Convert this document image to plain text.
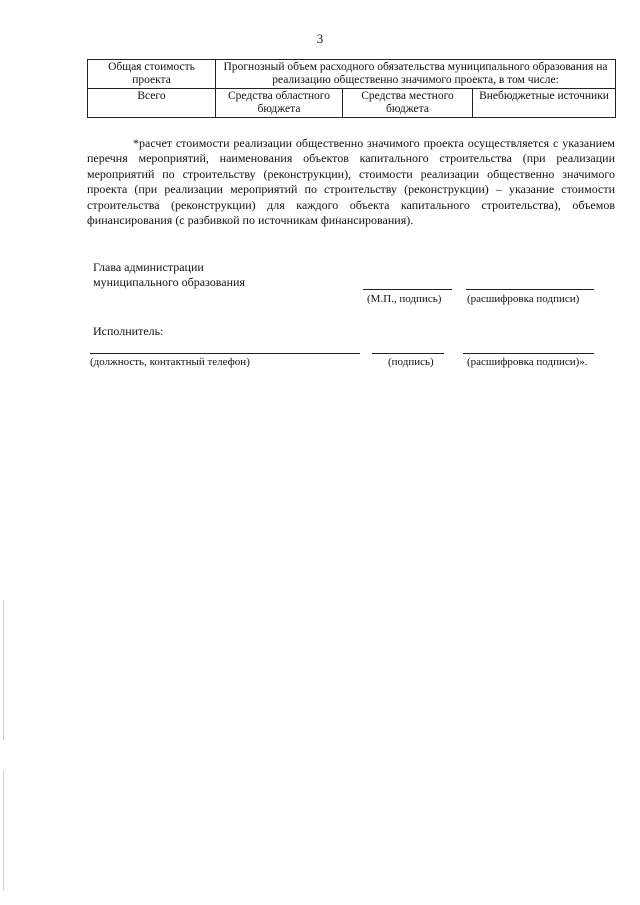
3
Общая стоимость проекта	Прогнозный объем расходного обязательства муниципального образования на реализацию общественно значимого проекта, в том числе:		
Всего	Средства областного бюджета	Средства местного бюджета	Внебюджетные источники

*расчет стоимости реализации общественно значимого проекта осуществляется с указанием перечня мероприятий, наименования объектов капитального строительства (при реализации мероприятий по строительству (реконструкции), стоимости реализации общественно значимого проекта (при реализации мероприятий по строительству (реконструкции) – указание стоимости строительства (реконструкции) для каждого объекта капитального строительства), объемов финансирования (с разбивкой по источникам финансирования).

Глава администрации
муниципального образования
(М.П., подпись) (расшифровка подписи)
Исполнитель:
(должность, контактный телефон)	(подпись)	(расшифровка подписи)».
